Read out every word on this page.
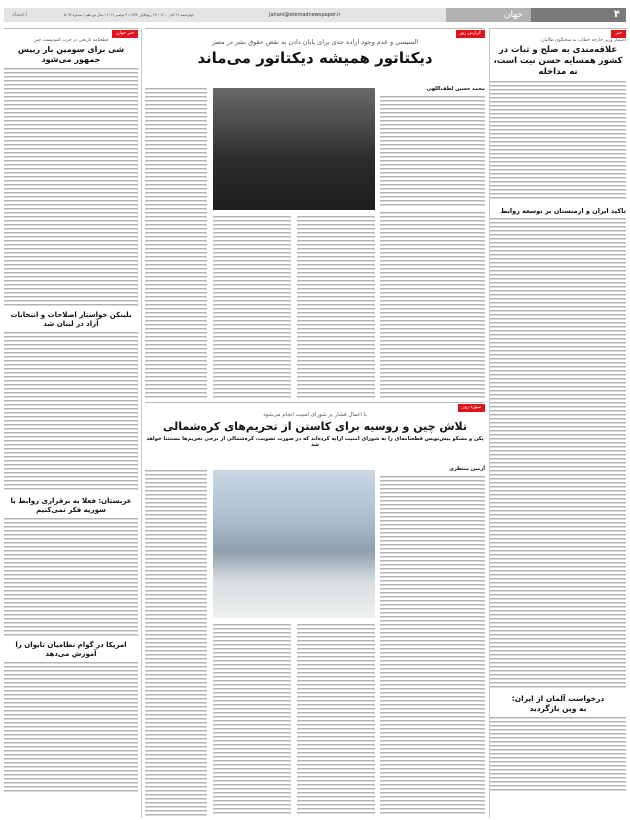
۴
جهان
Jahani@etemadnewspaper.ir
چهارشنبه ۱۲ آبان ۱۴۰۰ / ۲۷ ربیع‌الاول ۱۴۴۳ / ۳ نوامبر ۲۰۲۱ / سال نوزدهم / شماره ۵۰۹۳
اعتماد
خبر
دستیار وزیر خارجه خطاب به سخنگوی طالبان:
علاقه‌مندی به صلح و ثبات در کشور همسایه حسن نیت است، نه مداخله
تاکید ایران و ارمنستان بر توسعه روابط
درخواست آلمان از ایران: به وین بازگردید
گزارش روز
السیسی و عدم وجود اراده جدی برای پایان دادن به نقض حقوق بشر در مصر
دیکتاتور همیشه دیکتاتور می‌ماند
محمد حسین لطف‌اللهی
سوژه روز
با اعمال فشار بر شورای امنیت انجام می‌شود
تلاش چین و روسیه برای کاستن از تحریم‌های کره‌شمالی
پکن و مسکو پیش‌نویس قطعنامه‌ای را به شورای امنیت ارایه کرده‌اند که در صورت تصویب، کره‌شمالی از برخی تحریم‌ها مستثنا خواهد شد
آرمین منتظری
خبر جهان
قطعنامه تاریخی در حزب کمونیست چین
شی برای سومین بار رییس جمهور می‌شود
بلینکن خواستار اصلاحات و انتخابات آزاد در لبنان شد
عربستان: فعلا به برقراری روابط با سوریه فکر نمی‌کنیم
امریکا در گوام نظامیان تایوان را آموزش می‌دهد
